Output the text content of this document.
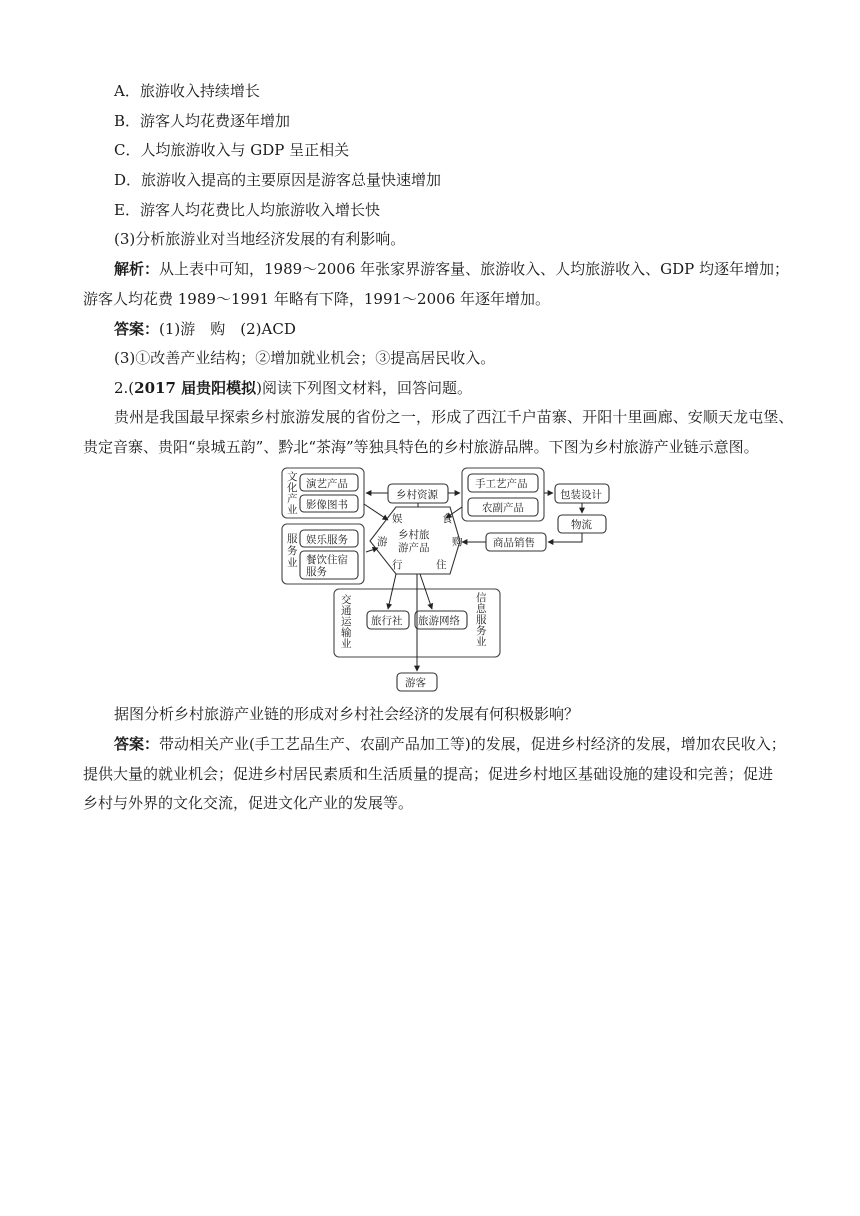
A．旅游收入持续增长
B．游客人均花费逐年增加
C．人均旅游收入与 GDP 呈正相关
D．旅游收入提高的主要原因是游客总量快速增加
E．游客人均花费比人均旅游收入增长快
(3)分析旅游业对当地经济发展的有利影响。
解析：从上表中可知，1989～2006 年张家界游客量、旅游收入、人均旅游收入、GDP 均逐年增加；
游客人均花费 1989～1991 年略有下降，1991～2006 年逐年增加。
答案：(1)游　购　(2)ACD
(3)①改善产业结构；②增加就业机会；③提高居民收入。
2.(2017 届贵阳模拟)阅读下列图文材料，回答问题。
贵州是我国最早探索乡村旅游发展的省份之一，形成了西江千户苗寨、开阳十里画廊、安顺天龙屯堡、
贵定音寨、贵阳“泉城五韵”、黔北“茶海”等独具特色的乡村旅游品牌。下图为乡村旅游产业链示意图。
文
化
产
业
演艺产品
影像图书
乡村资源
手工艺产品
农副产品
包装设计
物流
商品销售
服
务
业
娱乐服务
餐饮住宿
服务
娱	食
游	购
行	住
乡村旅
游产品
交
通
运
输
业
旅行社 旅游网络
信
息
服
务
业
游客
据图分析乡村旅游产业链的形成对乡村社会经济的发展有何积极影响？
答案：带动相关产业(手工艺品生产、农副产品加工等)的发展，促进乡村经济的发展，增加农民收入；
提供大量的就业机会；促进乡村居民素质和生活质量的提高；促进乡村地区基础设施的建设和完善；促进
乡村与外界的文化交流，促进文化产业的发展等。
